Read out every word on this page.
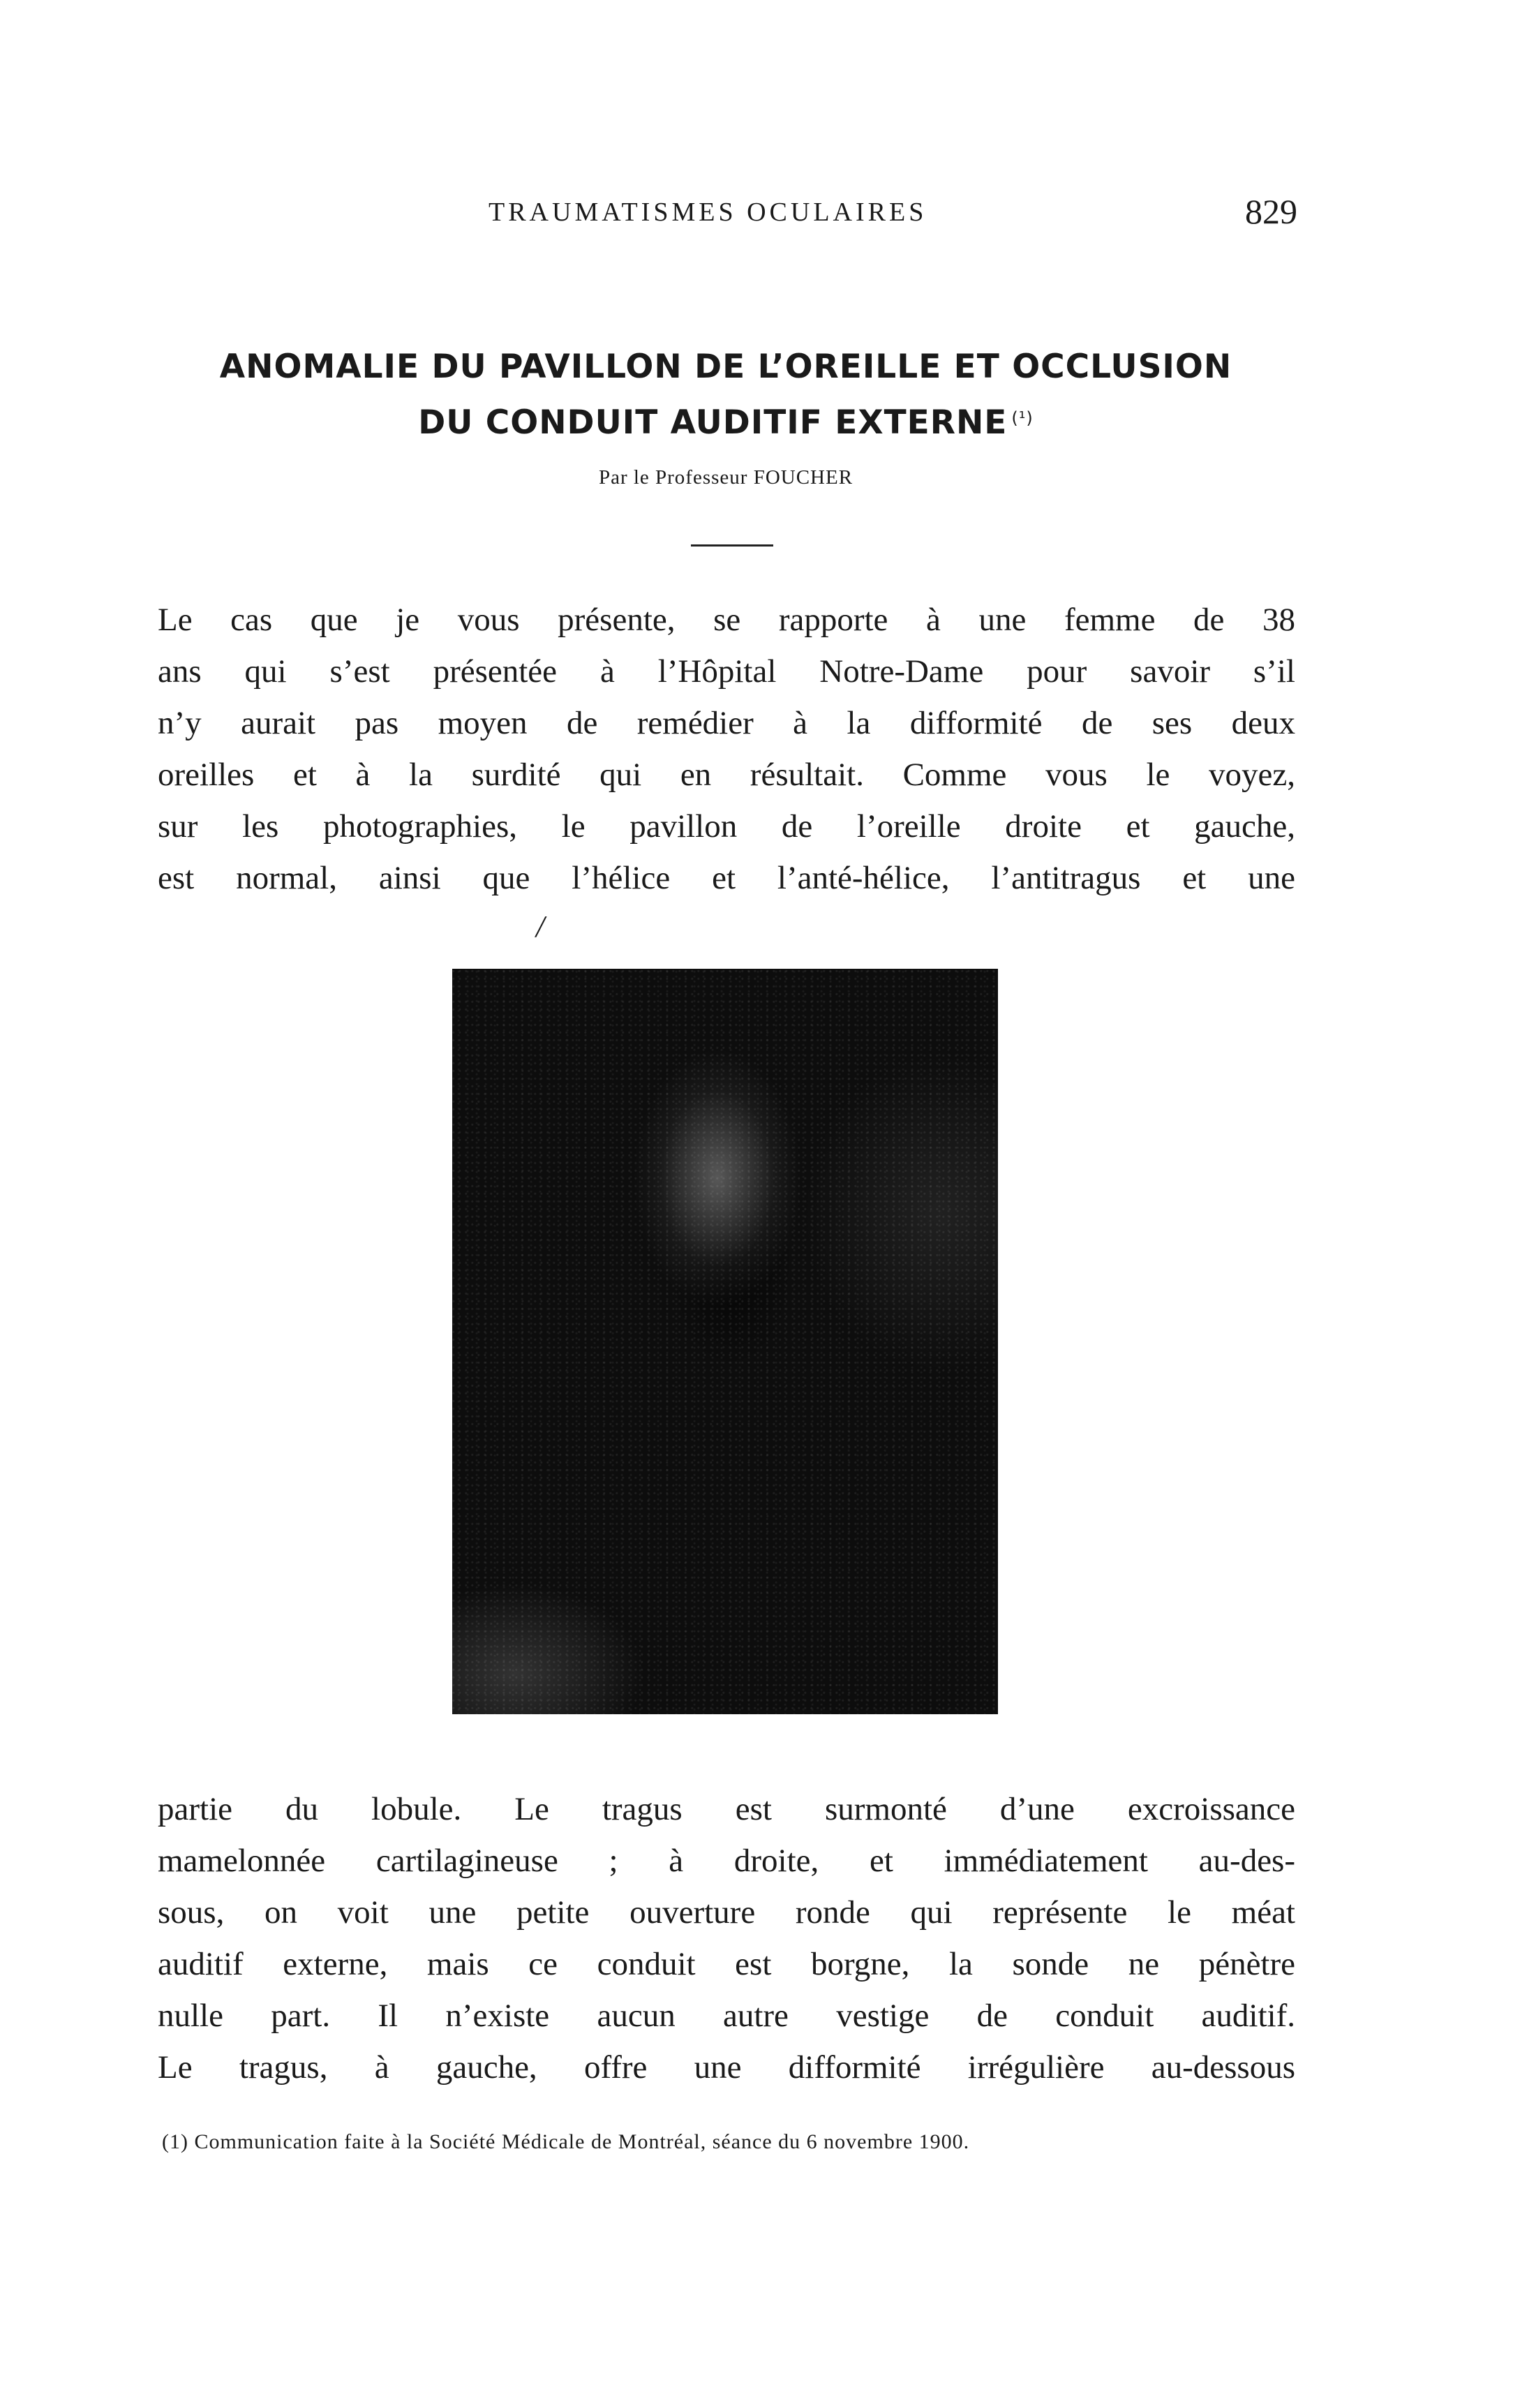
TRAUMATISMES OCULAIRES	829
ANOMALIE DU PAVILLON DE L’OREILLE ET OCCLUSION
DU CONDUIT AUDITIF EXTERNE $^{(^1)}$
Par le Professeur FOUCHER
Le cas que je vous présente, se rapporte à une femme de 38
ans qui s’est présentée à l’Hôpital Notre-Dame pour savoir s’il
n’y aurait pas moyen de remédier à la difformité de ses deux
oreilles et à la surdité qui en résultait. Comme vous le voyez,
sur les photographies, le pavillon de l’oreille droite et gauche,
est normal, ainsi que l’hélice et l’anté-hélice, l’antitragus et une
/
partie du lobule. Le tragus est surmonté d’une excroissance
mamelonnée cartilagineuse ; à droite, et immédiatement au-des-
sous, on voit une petite ouverture ronde qui représente le méat
auditif externe, mais ce conduit est borgne, la sonde ne pénètre
nulle part. Il n’existe aucun autre vestige de conduit auditif.
Le tragus, à gauche, offre une difformité irrégulière au-dessous
(1) Communication faite à la Société Médicale de Montréal, séance du 6 novembre 1900.
